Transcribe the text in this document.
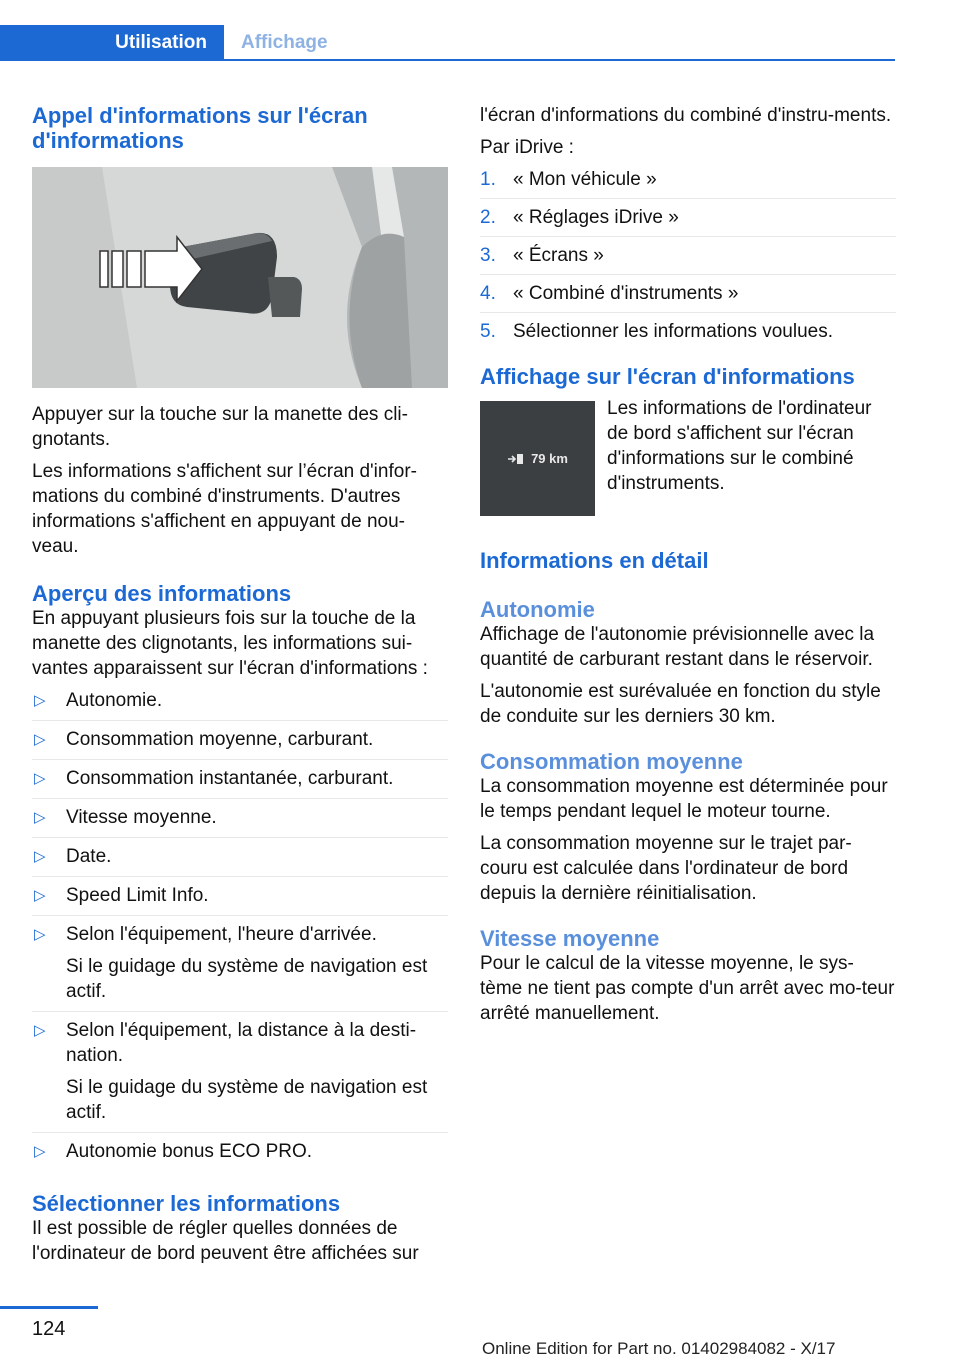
Utilisation	Affichage
Appel d'informations sur l'écran d'informations

Appuyer sur la touche sur la manette des cli-gnotants.

Les informations s'affichent sur l’écran d'infor-mations du combiné d'instruments. D'autres informations s'affichent en appuyant de nou-veau.

Aperçu des informations

En appuyant plusieurs fois sur la touche de la manette des clignotants, les informations sui-vantes apparaissent sur l'écran d'informations :

▷ Autonomie.
▷ Consommation moyenne, carburant.
▷ Consommation instantanée, carburant.
▷ Vitesse moyenne.
▷ Date.
▷ Speed Limit Info.
▷ Selon l'équipement, l'heure d'arrivée.
Si le guidage du système de navigation est actif.
▷ Selon l'équipement, la distance à la desti-nation.
Si le guidage du système de navigation est actif.
▷ Autonomie bonus ECO PRO.
Sélectionner les informations

Il est possible de régler quelles données de l'ordinateur de bord peuvent être affichées sur

l'écran d'informations du combiné d'instru-ments.

Par iDrive :

1. « Mon véhicule »
2. « Réglages iDrive »
3. « Écrans »
4. « Combiné d'instruments »
5. Sélectionner les informations voulues.
Affichage sur l'écran d'informations
79 km
Les informations de l'ordinateur de bord s'affichent sur l'écran d'informations sur le combiné d'instruments.
Informations en détail
Autonomie

Affichage de l'autonomie prévisionnelle avec la quantité de carburant restant dans le réservoir.

L'autonomie est surévaluée en fonction du style de conduite sur les derniers 30 km.

Consommation moyenne

La consommation moyenne est déterminée pour le temps pendant lequel le moteur tourne.

La consommation moyenne sur le trajet par-couru est calculée dans l'ordinateur de bord depuis la dernière réinitialisation.

Vitesse moyenne

Pour le calcul de la vitesse moyenne, le sys-tème ne tient pas compte d'un arrêt avec mo-teur arrêté manuellement.

124
Online Edition for Part no. 01402984082 - X/17
